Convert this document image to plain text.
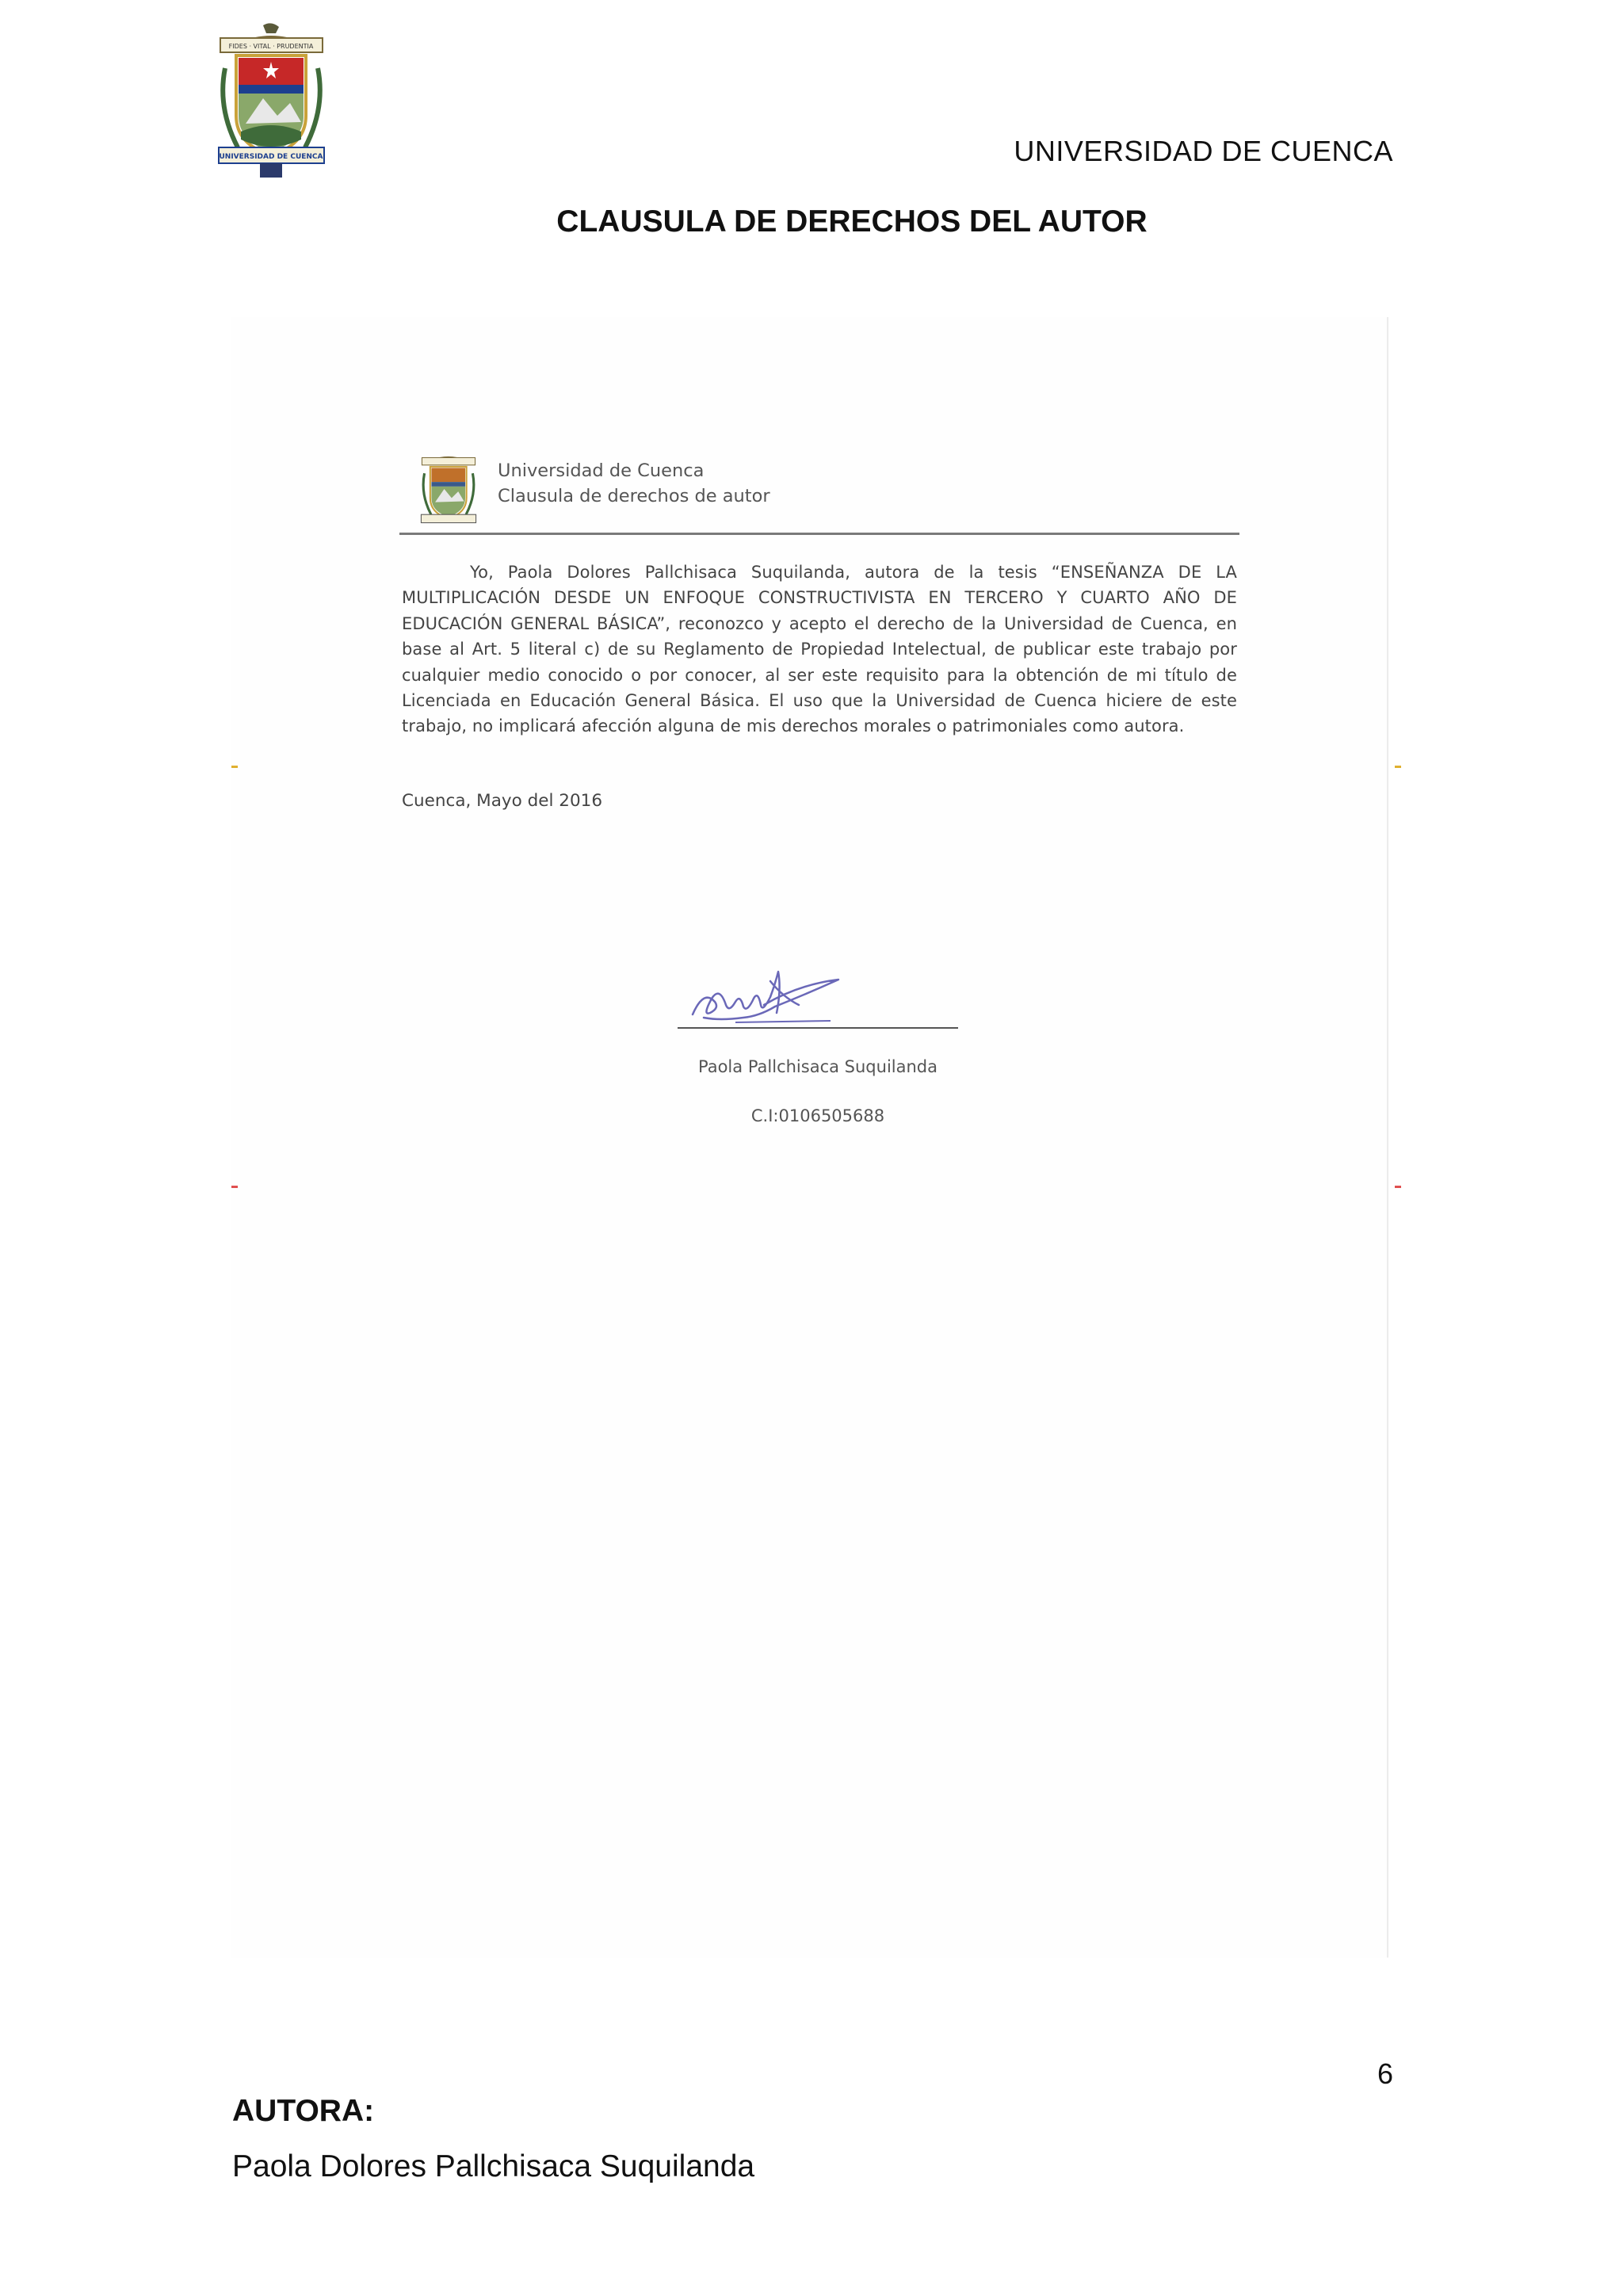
FIDES · VITAL · PRUDENTIA
UNIVERSIDAD DE CUENCA	UNIVERSIDAD DE CUENCA
CLAUSULA DE DERECHOS DEL AUTOR
Universidad de Cuenca
Clausula de derechos de autor

Yo, Paola Dolores Pallchisaca Suquilanda, autora de la tesis “ENSEÑANZA DE LA MULTIPLICACIÓN DESDE UN ENFOQUE CONSTRUCTIVISTA EN TERCERO Y CUARTO AÑO DE EDUCACIÓN GENERAL BÁSICA”, reconozco y acepto el derecho de la Universidad de Cuenca, en base al Art. 5 literal c) de su Reglamento de Propiedad Intelectual, de publicar este trabajo por cualquier medio conocido o por conocer, al ser este requisito para la obtención de mi título de Licenciada en Educación General Básica. El uso que la Universidad de Cuenca hiciere de este trabajo, no implicará afección alguna de mis derechos morales o patrimoniales como autora.

Cuenca, Mayo del 2016
Paola Pallchisaca Suquilanda
C.I:0106505688
6
AUTORA:
Paola Dolores Pallchisaca Suquilanda
